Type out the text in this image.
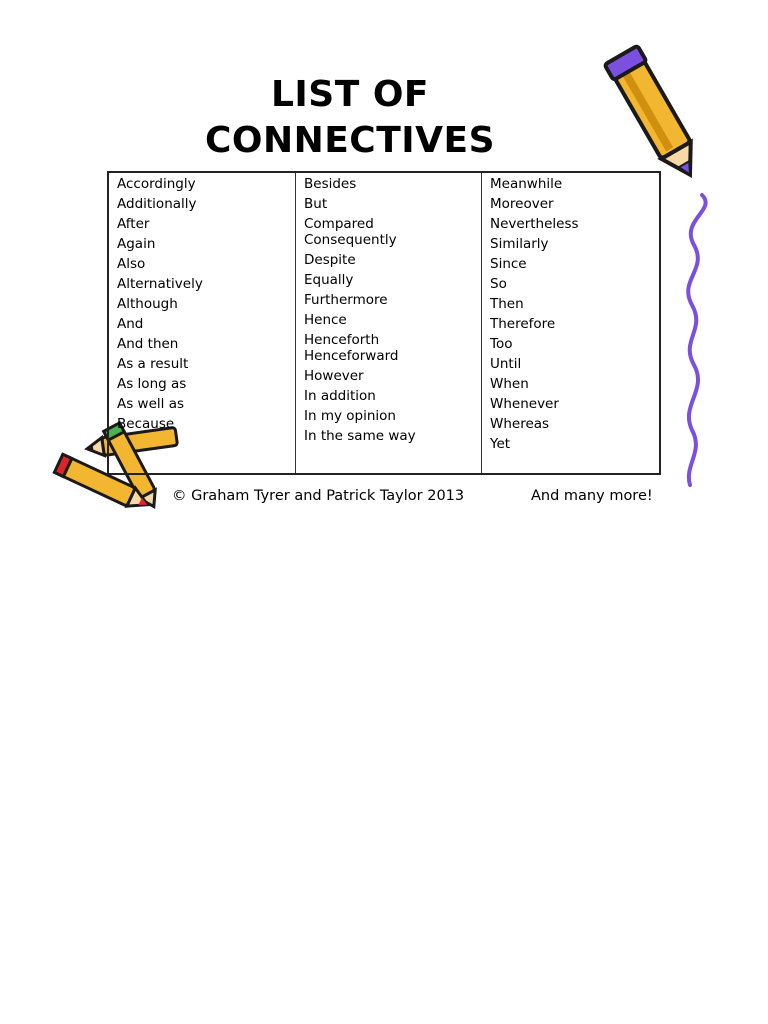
LIST OF
CONNECTIVES
Accordingly
Additionally
After
Again
Also
Alternatively
Although
And
And then
As a result
As long as
As well as
Because
Besides
But
Compared
Consequently
Despite
Equally
Furthermore
Hence
Henceforth
Henceforward
However
In addition
In my opinion
In the same way
Meanwhile
Moreover
Nevertheless
Similarly
Since
So
Then
Therefore
Too
Until
When
Whenever
Whereas
Yet
© Graham Tyrer and Patrick Taylor 2013	And many more!
